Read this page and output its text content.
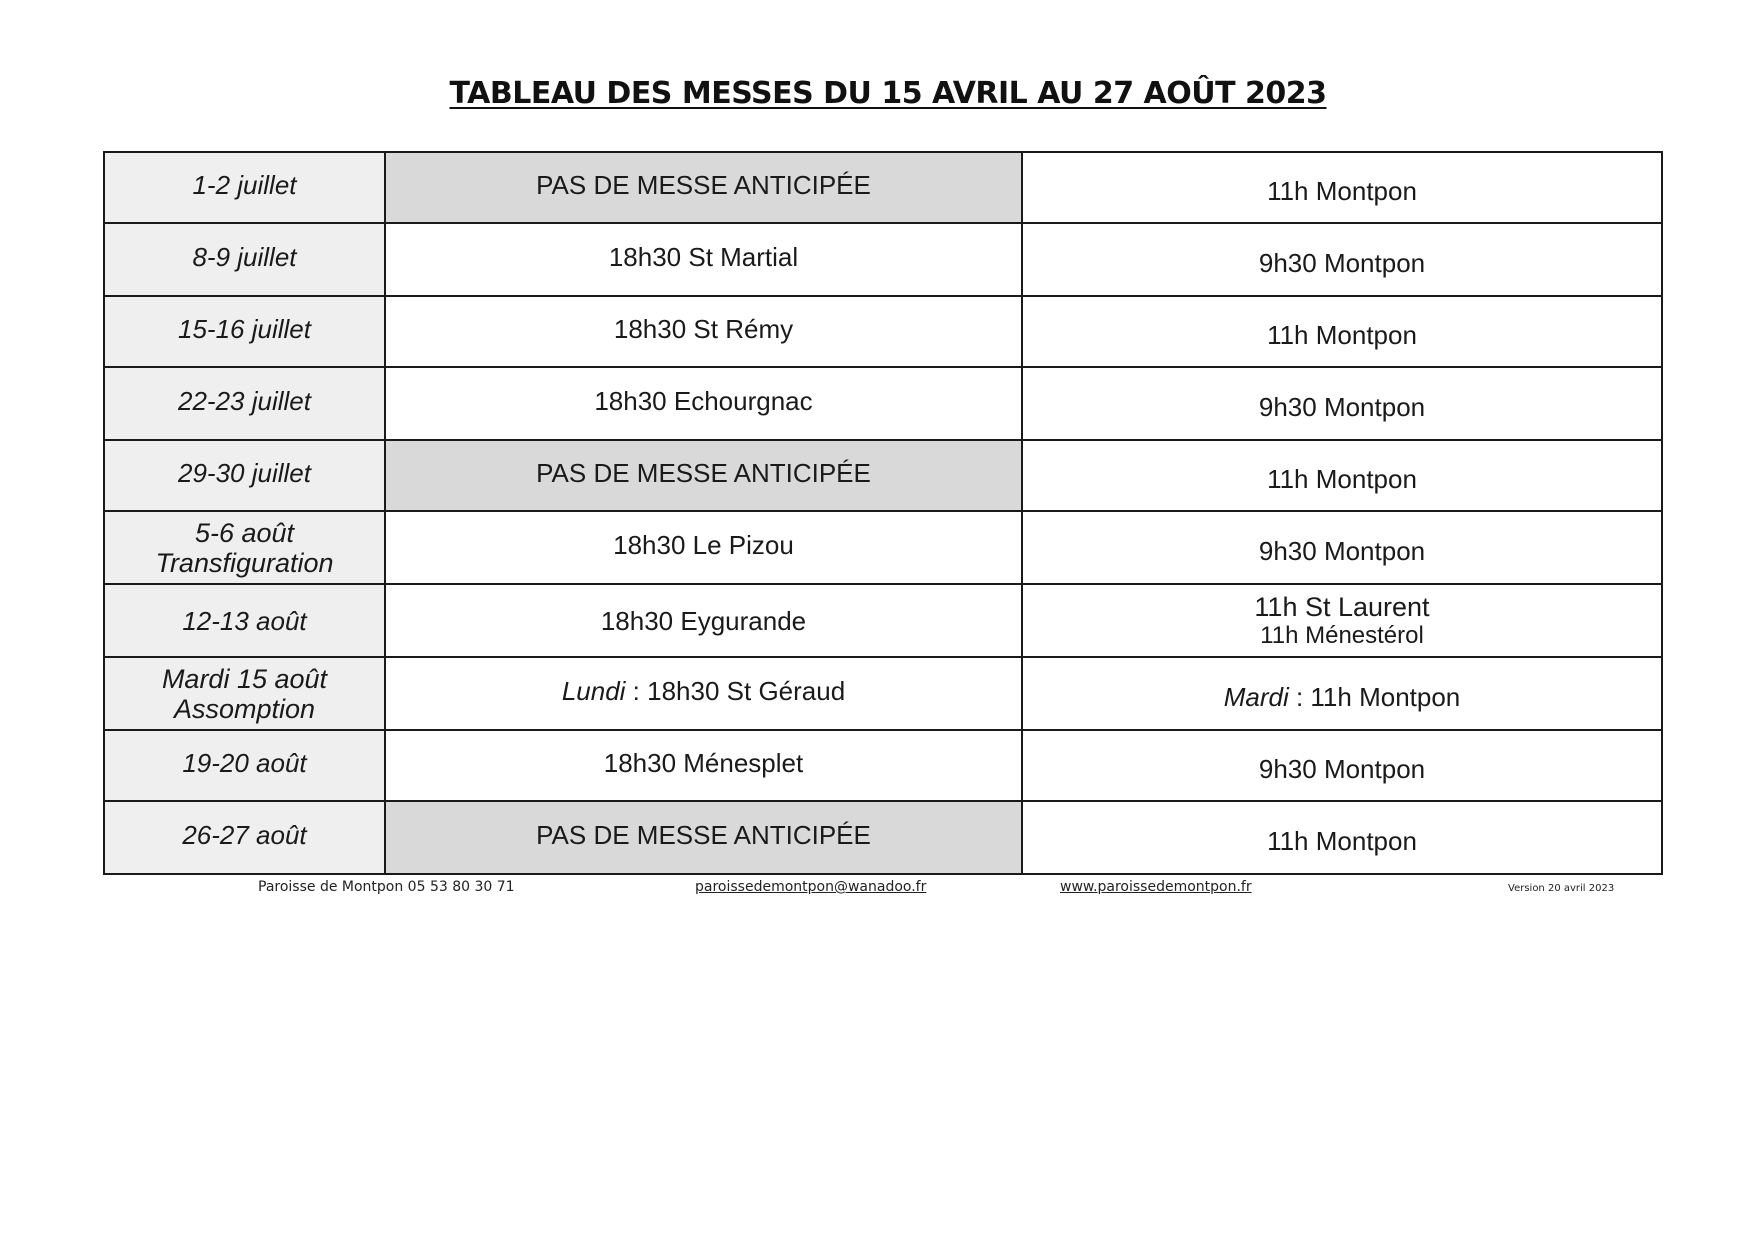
TABLEAU DES MESSES DU 15 AVRIL AU 27 AOÛT 2023
1-2 juillet	PAS DE MESSE ANTICIPÉE	11h Montpon
8-9 juillet	18h30 St Martial	9h30 Montpon
15-16 juillet	18h30 St Rémy	11h Montpon
22-23 juillet	18h30 Echourgnac	9h30 Montpon
29-30 juillet	PAS DE MESSE ANTICIPÉE	11h Montpon

5-6 août
Transfiguration	18h30 Le Pizou	9h30 Montpon
12-13 août	18h30 Eygurande	11h St Laurent
11h Ménestérol

Mardi 15 août
Assomption	Lundi : 18h30 St Géraud	Mardi : 11h Montpon
19-20 août	18h30 Ménesplet	9h30 Montpon
26-27 août	PAS DE MESSE ANTICIPÉE	11h Montpon
Paroisse de Montpon 05 53 80 30 71	paroissedemontpon@wanadoo.fr	www.paroissedemontpon.fr	Version 20 avril 2023
